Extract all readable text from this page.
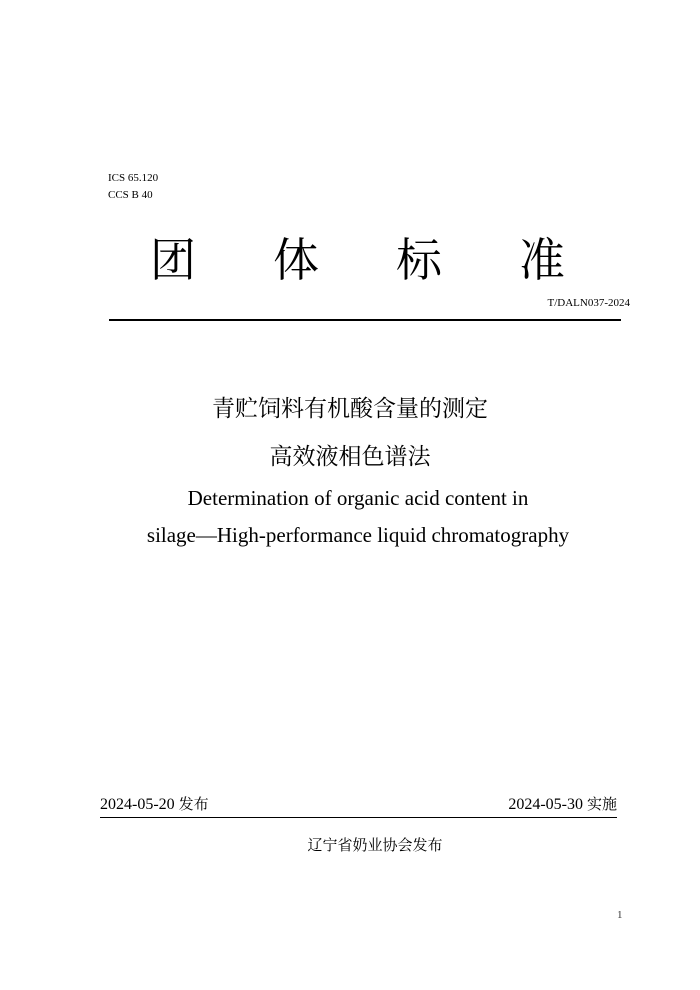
ICS 65.120
CCS B 40
团 体 标 准
T/DALN037-2024
青贮饲料有机酸含量的测定
高效液相色谱法
Determination of organic acid content in
silage—High-performance liquid chromatography
2024-05-20 发布	2024-05-30 实施
辽宁省奶业协会发布
1
